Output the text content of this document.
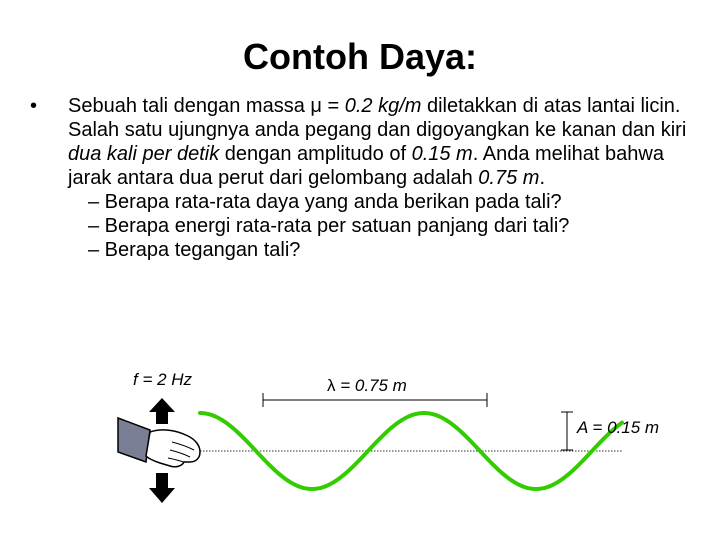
Contoh Daya:
• Sebuah tali dengan massa μ = 0.2 kg/m diletakkan di atas lantai licin. Salah satu ujungnya anda pegang dan digoyangkan ke kanan dan kiri dua kali per detik dengan amplitudo of 0.15 m. Anda melihat bahwa jarak antara dua perut dari gelombang adalah 0.75 m.
– Berapa rata-rata daya yang anda berikan pada tali?
– Berapa energi rata-rata per satuan panjang dari tali?
– Berapa tegangan tali?
f = 2 Hz	λ = 0.75 m
A = 0.15 m
